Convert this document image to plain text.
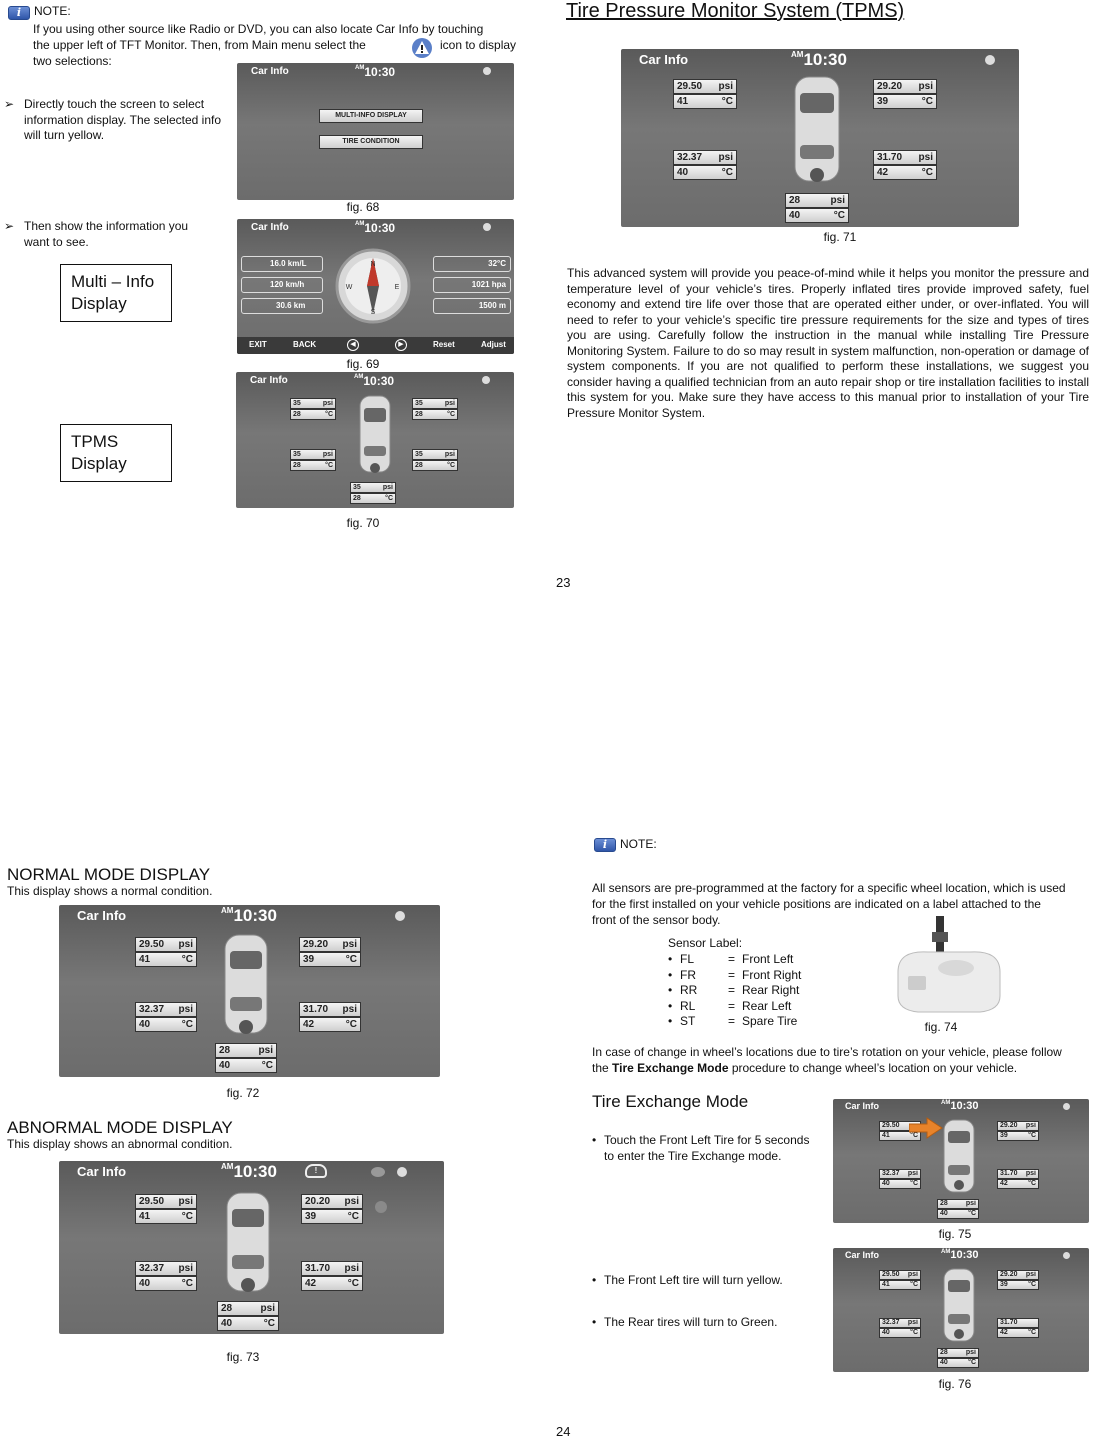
i	NOTE:
If you using other source like Radio or DVD, you can also locate Car Info by touching
the upper left of TFT Monitor. Then, from Main menu select the	icon to display
two selections:
➢ Directly touch the screen to select information display. The selected info will turn yellow.
➢ Then show the information you want to see.
Multi – Info Display
TPMS Display
Car Info	$^{AM}$10:30
MULTI-INFO DISPLAY
TIRE CONDITION
fig. 68
Car Info	$^{AM}$10:30
16.0 km/L
120 km/h
30.6 km
32°C
1021 hpa
1500 m
N
E
S
W
EXIT	BACK	◀	▶	Reset	Adjust
fig. 69
Car Info	$^{AM}$10:30
35	psi
28	°C
35	psi
28	°C
35	psi
28	°C
35	psi
28	°C
35	psi
28	°C
fig. 70
Tire Pressure Monitor System (TPMS)
Car Info	$^{AM}$10:30
29.50 psi
41	°C
29.20 psi
39	°C
32.37 psi
40	°C
31.70 psi
42	°C
28	psi
40	°C
fig. 71
This advanced system will provide you peace-of-mind while it helps you monitor the pressure and temperature level of your vehicle’s tires. Properly inflated tires provide improved safety, fuel economy and extend tire life over those that are operated either under, or over-inflated. You will need to refer to your vehicle’s specific tire pressure requirements for the size and types of tires you are using. Carefully follow the instruction in the manual while installing Tire Pressure Monitoring System. Failure to do so may result in system malfunction, non-operation or damage of system components. If you are not qualified to perform these installations, we suggest you consider having a qualified technician from an auto repair shop or tire installation facilities to install this system for you. Make sure they have access to this manual prior to installation of your Tire Pressure Monitor System.
23
NORMAL MODE DISPLAY
This display shows a normal condition.
Car Info	$^{AM}$10:30
29.50 psi
41	°C
29.20 psi
39	°C
32.37 psi
40	°C
31.70 psi
42	°C
28	psi
40	°C
fig. 72
ABNORMAL MODE DISPLAY
This display shows an abnormal condition.
Car Info	$^{AM}$10:30	!
29.50 psi
41	°C
20.20 psi
39	°C
32.37 psi
40	°C
31.70 psi
42	°C
28	psi
40	°C
fig. 73
i	NOTE:
All sensors are pre-programmed at the factory for a specific wheel location, which is used
for the first installed on your vehicle positions are indicated on a label attached to the
front of the sensor body.
Sensor Label:
• FL	= Front Left
• FR	= Front Right
• RR	= Rear Right
• RL	= Rear Left
• ST	= Spare Tire	fig. 74
In case of change in wheel’s locations due to tire’s rotation on your vehicle, please follow
the Tire Exchange Mode procedure to change wheel’s location on your vehicle.
Tire Exchange Mode
• Touch the Front Left Tire for 5 seconds to enter the Tire Exchange mode.
Car Info	$^{AM}$10:30
29.50
41	°C
29.20 psi
39	°C
32.37 psi
40	°C
31.70 psi
42	°C
28	psi
40	°C
fig. 75
• The Front Left tire will turn yellow.
• The Rear tires will turn to Green.
Car Info	$^{AM}$10:30
29.50 psi
41	°C
29.20 psi
39	°C
32.37 psi
40	°C
31.70
42	°C
28	psi
40	°C
fig. 76
24
